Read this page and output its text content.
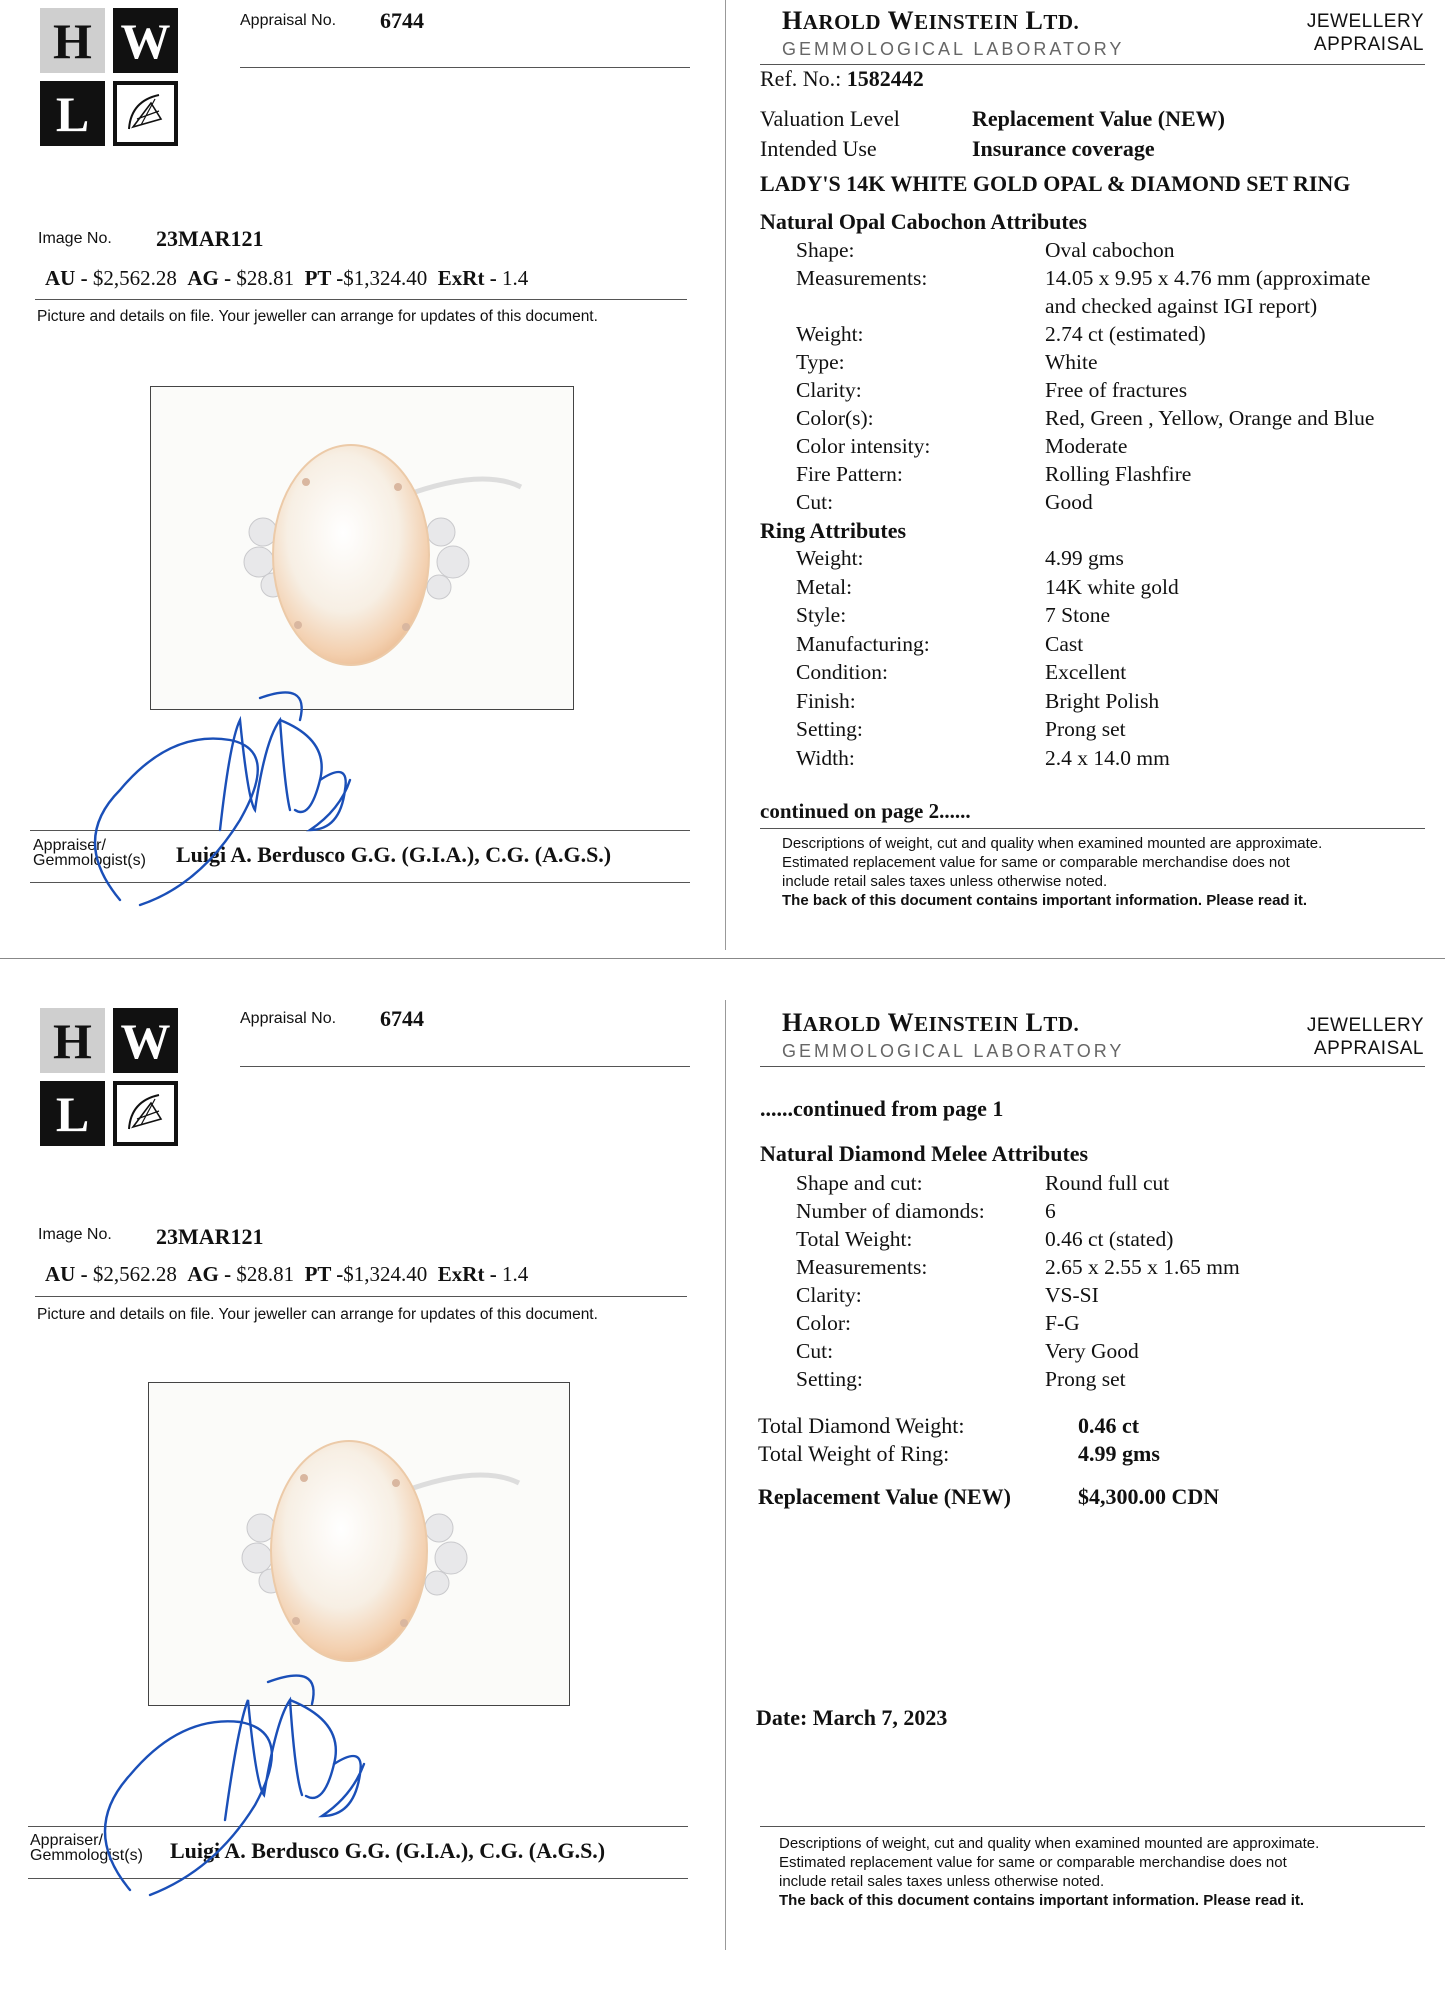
H W
L
Appraisal No. 6744
Image No. 23MAR121
AU - $2,562.28 AG - $28.81 PT -$1,324.40 ExRt - 1.4
Picture and details on file. Your jeweller can arrange for updates of this document.
Appraiser/
Gemmologist(s) Luigi A. Berdusco G.G. (G.I.A.), C.G. (A.G.S.)
HAROLD WEINSTEIN LTD.
GEMMOLOGICAL LABORATORY
JEWELLERY
APPRAISAL
Ref. No.: 1582442
Valuation Level	Replacement Value (NEW)
Intended Use	Insurance coverage
LADY'S 14K WHITE GOLD OPAL & DIAMOND SET RING
Natural Opal Cabochon Attributes
Shape:	Oval cabochon
Measurements:	14.05 x 9.95 x 4.76 mm (approximate
and checked against IGI report)
Weight:	2.74 ct (estimated)
Type:	White
Clarity:	Free of fractures
Color(s):	Red, Green , Yellow, Orange and Blue
Color intensity:	Moderate
Fire Pattern:	Rolling Flashfire
Cut:	Good
Ring Attributes
Weight:	4.99 gms
Metal:	14K white gold
Style:	7 Stone
Manufacturing:	Cast
Condition:	Excellent
Finish:	Bright Polish
Setting:	Prong set
Width:	2.4 x 14.0 mm
continued on page 2......
Descriptions of weight, cut and quality when examined mounted are approximate.
Estimated replacement value for same or comparable merchandise does not
include retail sales taxes unless otherwise noted.
The back of this document contains important information. Please read it.
H W
L
Appraisal No. 6744
Image No. 23MAR121
AU - $2,562.28 AG - $28.81 PT -$1,324.40 ExRt - 1.4
Picture and details on file. Your jeweller can arrange for updates of this document.
Appraiser/
Gemmologist(s) Luigi A. Berdusco G.G. (G.I.A.), C.G. (A.G.S.)
HAROLD WEINSTEIN LTD.
GEMMOLOGICAL LABORATORY
JEWELLERY
APPRAISAL
......continued from page 1
Natural Diamond Melee Attributes
Shape and cut:	Round full cut
Number of diamonds:	6
Total Weight:	0.46 ct (stated)
Measurements:	2.65 x 2.55 x 1.65 mm
Clarity:	VS-SI
Color:	F-G
Cut:	Very Good
Setting:	Prong set
Total Diamond Weight:	0.46 ct
Total Weight of Ring:	4.99 gms
Replacement Value (NEW)	$4,300.00 CDN
Date: March 7, 2023
Descriptions of weight, cut and quality when examined mounted are approximate.
Estimated replacement value for same or comparable merchandise does not
include retail sales taxes unless otherwise noted.
The back of this document contains important information. Please read it.
